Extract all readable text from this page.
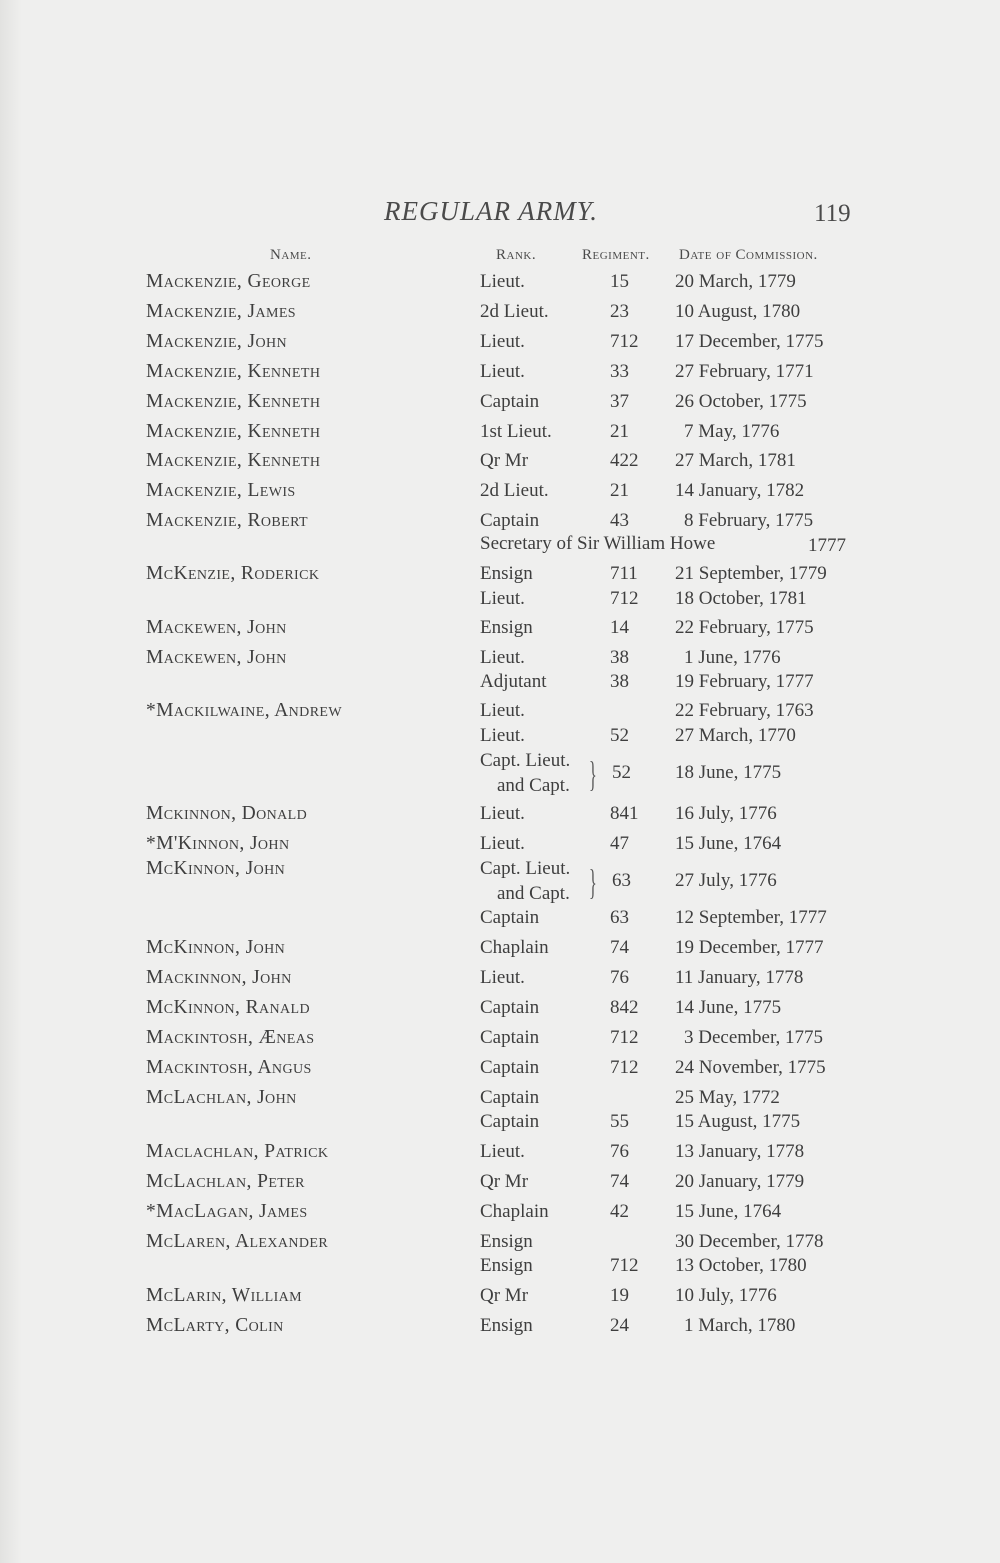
REGULAR ARMY.	119
Name.	Rank.	Regiment. Date of Commission.
Mackenzie, George	Lieut.	15 20 March, 1779
Mackenzie, James	2d Lieut.	23 10 August, 1780
Mackenzie, John	Lieut.	712 17 December, 1775
Mackenzie, Kenneth	Lieut.	33 27 February, 1771
Mackenzie, Kenneth	Captain	37 26 October, 1775
Mackenzie, Kenneth	1st Lieut.	21	7 May, 1776
Mackenzie, Kenneth	Qr Mr	422 27 March, 1781
Mackenzie, Lewis	2d Lieut.	21 14 January, 1782
Mackenzie, Robert	Captain	43	8 February, 1775
Secretary of Sir William Howe	1777
McKenzie, Roderick	Ensign	711 21 September, 1779
Lieut.	712 18 October, 1781
Mackewen, John	Ensign	14 22 February, 1775
Mackewen, John	Lieut.	38	1 June, 1776
Adjutant	38 19 February, 1777
*Mackilwaine, Andrew	Lieut.	22 February, 1763
Lieut.	52 27 March, 1770
Capt. Lieut.
and Capt. } 52 18 June, 1775
Mckinnon, Donald	Lieut.	841 16 July, 1776
*M'Kinnon, John	Lieut.	47 15 June, 1764
McKinnon, John	Capt. Lieut.
and Capt. } 63 27 July, 1776
Captain	63 12 September, 1777
McKinnon, John	Chaplain	74 19 December, 1777
Mackinnon, John	Lieut.	76 11 January, 1778
McKinnon, Ranald	Captain	842 14 June, 1775
Mackintosh, Æneas	Captain	712 3 December, 1775
Mackintosh, Angus	Captain	712 24 November, 1775
McLachlan, John	Captain	25 May, 1772
Captain	55 15 August, 1775
Maclachlan, Patrick	Lieut.	76 13 January, 1778
McLachlan, Peter	Qr Mr	74 20 January, 1779
*MacLagan, James	Chaplain	42 15 June, 1764
McLaren, Alexander	Ensign	30 December, 1778
Ensign	712 13 October, 1780
McLarin, William	Qr Mr	19 10 July, 1776
McLarty, Colin	Ensign	24	1 March, 1780
